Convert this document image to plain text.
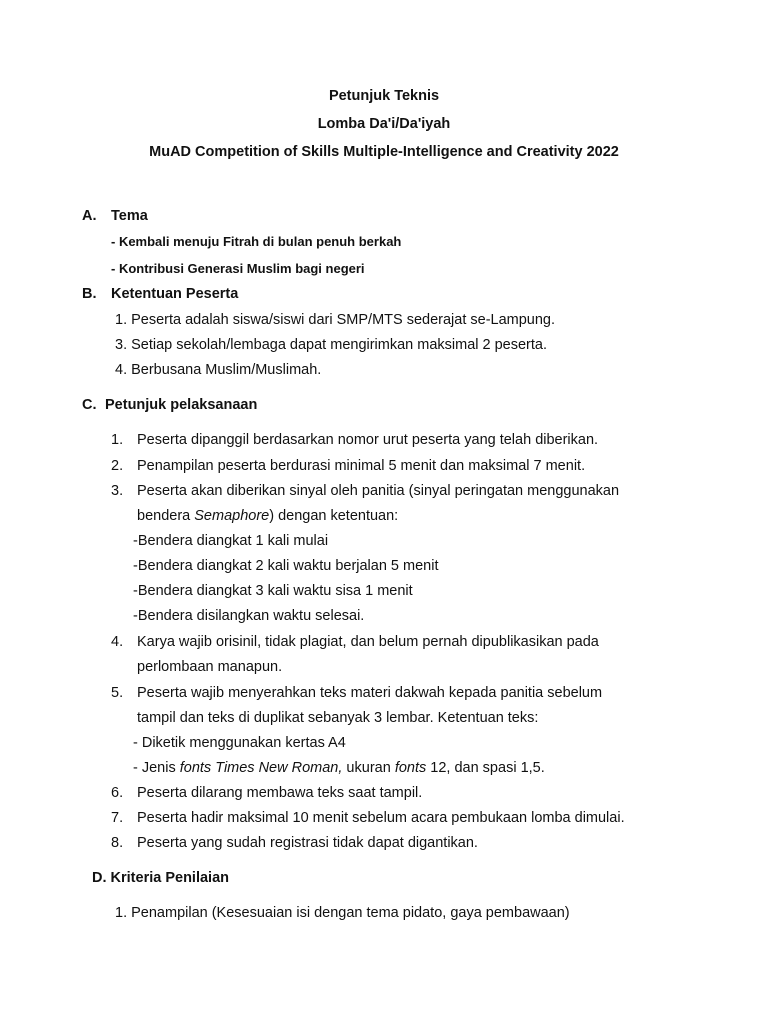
Petunjuk Teknis
Lomba Da'i/Da'iyah
MuAD Competition of Skills Multiple-Intelligence and Creativity 2022
A. Tema
- Kembali menuju Fitrah di bulan penuh berkah
- Kontribusi Generasi Muslim bagi negeri
B. Ketentuan Peserta
1. Peserta adalah siswa/siswi dari SMP/MTS sederajat se-Lampung.
3. Setiap sekolah/lembaga dapat mengirimkan maksimal 2 peserta.
4. Berbusana Muslim/Muslimah.
C. Petunjuk pelaksanaan
1. Peserta dipanggil berdasarkan nomor urut peserta yang telah diberikan.
2. Penampilan peserta berdurasi minimal 5 menit dan maksimal 7 menit.
3. Peserta akan diberikan sinyal oleh panitia (sinyal peringatan menggunakan
bendera Semaphore) dengan ketentuan:
-Bendera diangkat 1 kali mulai
-Bendera diangkat 2 kali waktu berjalan 5 menit
-Bendera diangkat 3 kali waktu sisa 1 menit
-Bendera disilangkan waktu selesai.
4. Karya wajib orisinil, tidak plagiat, dan belum pernah dipublikasikan pada
perlombaan manapun.
5. Peserta wajib menyerahkan teks materi dakwah kepada panitia sebelum
tampil dan teks di duplikat sebanyak 3 lembar. Ketentuan teks:
- Diketik menggunakan kertas A4
- Jenis fonts Times New Roman, ukuran fonts 12, dan spasi 1,5.
6. Peserta dilarang membawa teks saat tampil.
7. Peserta hadir maksimal 10 menit sebelum acara pembukaan lomba dimulai.
8. Peserta yang sudah registrasi tidak dapat digantikan.
D. Kriteria Penilaian
1. Penampilan (Kesesuaian isi dengan tema pidato, gaya pembawaan)
